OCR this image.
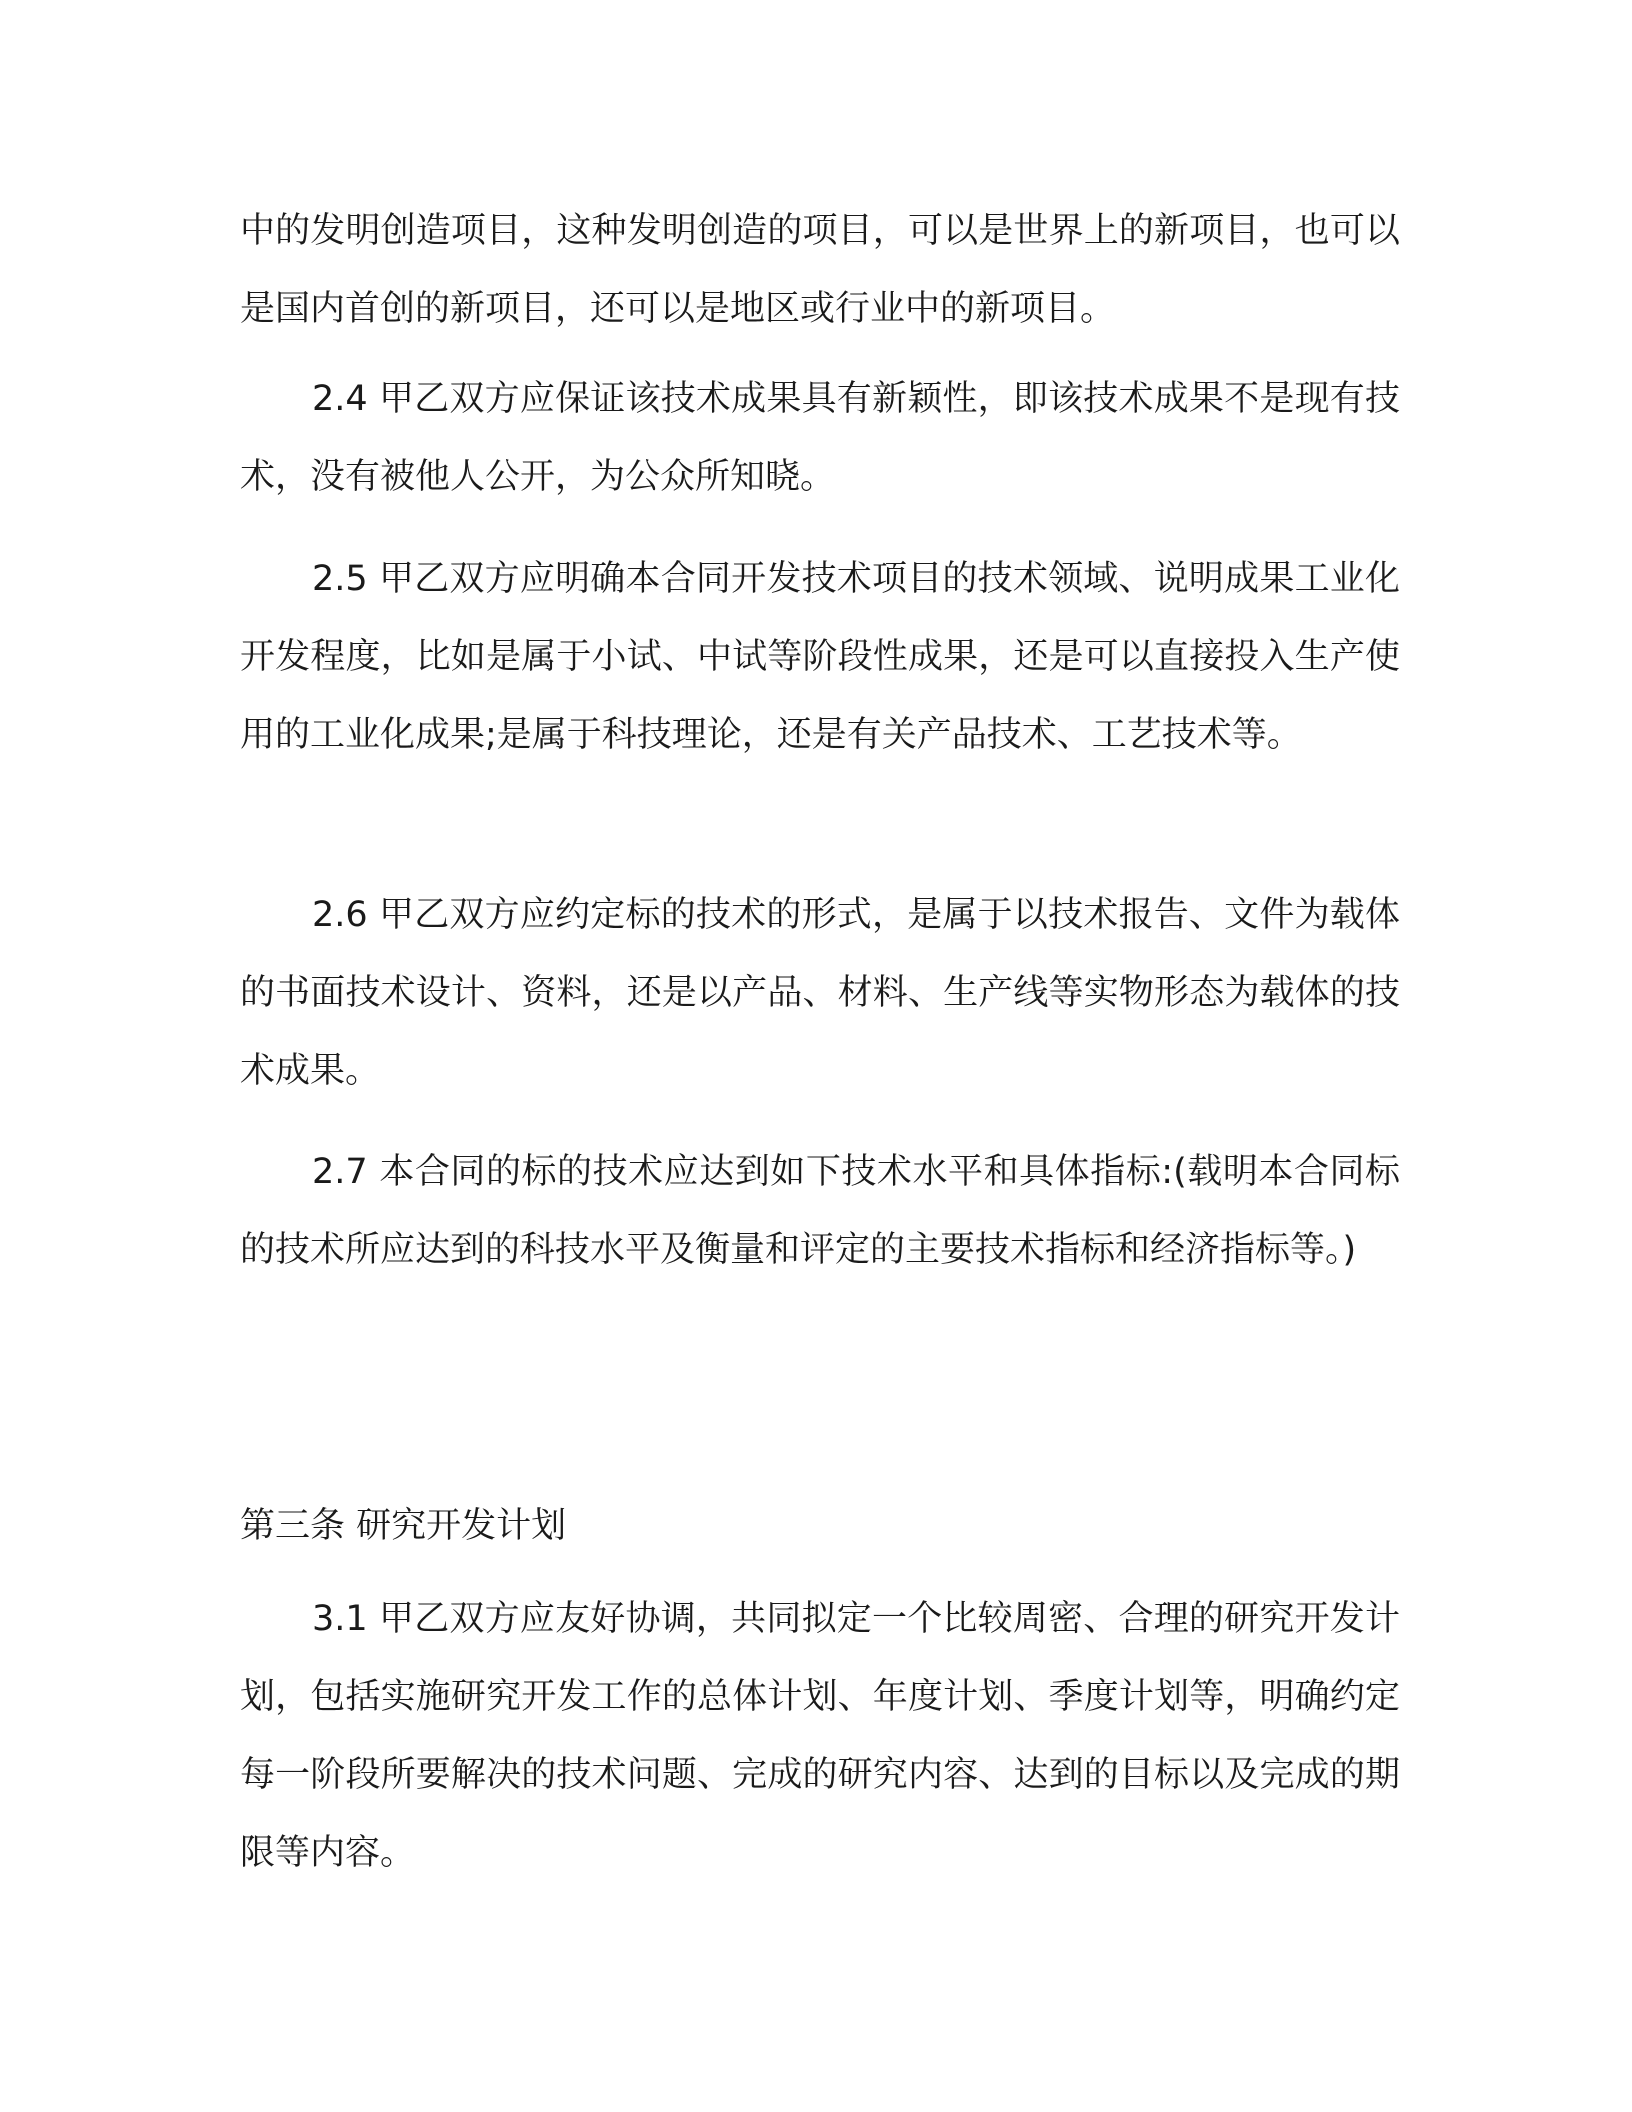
中的发明创造项目，这种发明创造的项目，可以是世界上的新项目，也可以是国内首创的新项目，还可以是地区或行业中的新项目。

2.4 甲乙双方应保证该技术成果具有新颖性，即该技术成果不是现有技术，没有被他人公开，为公众所知晓。

2.5 甲乙双方应明确本合同开发技术项目的技术领域、说明成果工业化开发程度，比如是属于小试、中试等阶段性成果，还是可以直接投入生产使用的工业化成果;是属于科技理论，还是有关产品技术、工艺技术等。

2.6 甲乙双方应约定标的技术的形式，是属于以技术报告、文件为载体的书面技术设计、资料，还是以产品、材料、生产线等实物形态为载体的技术成果。

2.7 本合同的标的技术应达到如下技术水平和具体指标:(载明本合同标的技术所应达到的科技水平及衡量和评定的主要技术指标和经济指标等。)

第三条 研究开发计划

3.1 甲乙双方应友好协调，共同拟定一个比较周密、合理的研究开发计划，包括实施研究开发工作的总体计划、年度计划、季度计划等，明确约定每一阶段所要解决的技术问题、完成的研究内容、达到的目标以及完成的期限等内容。
